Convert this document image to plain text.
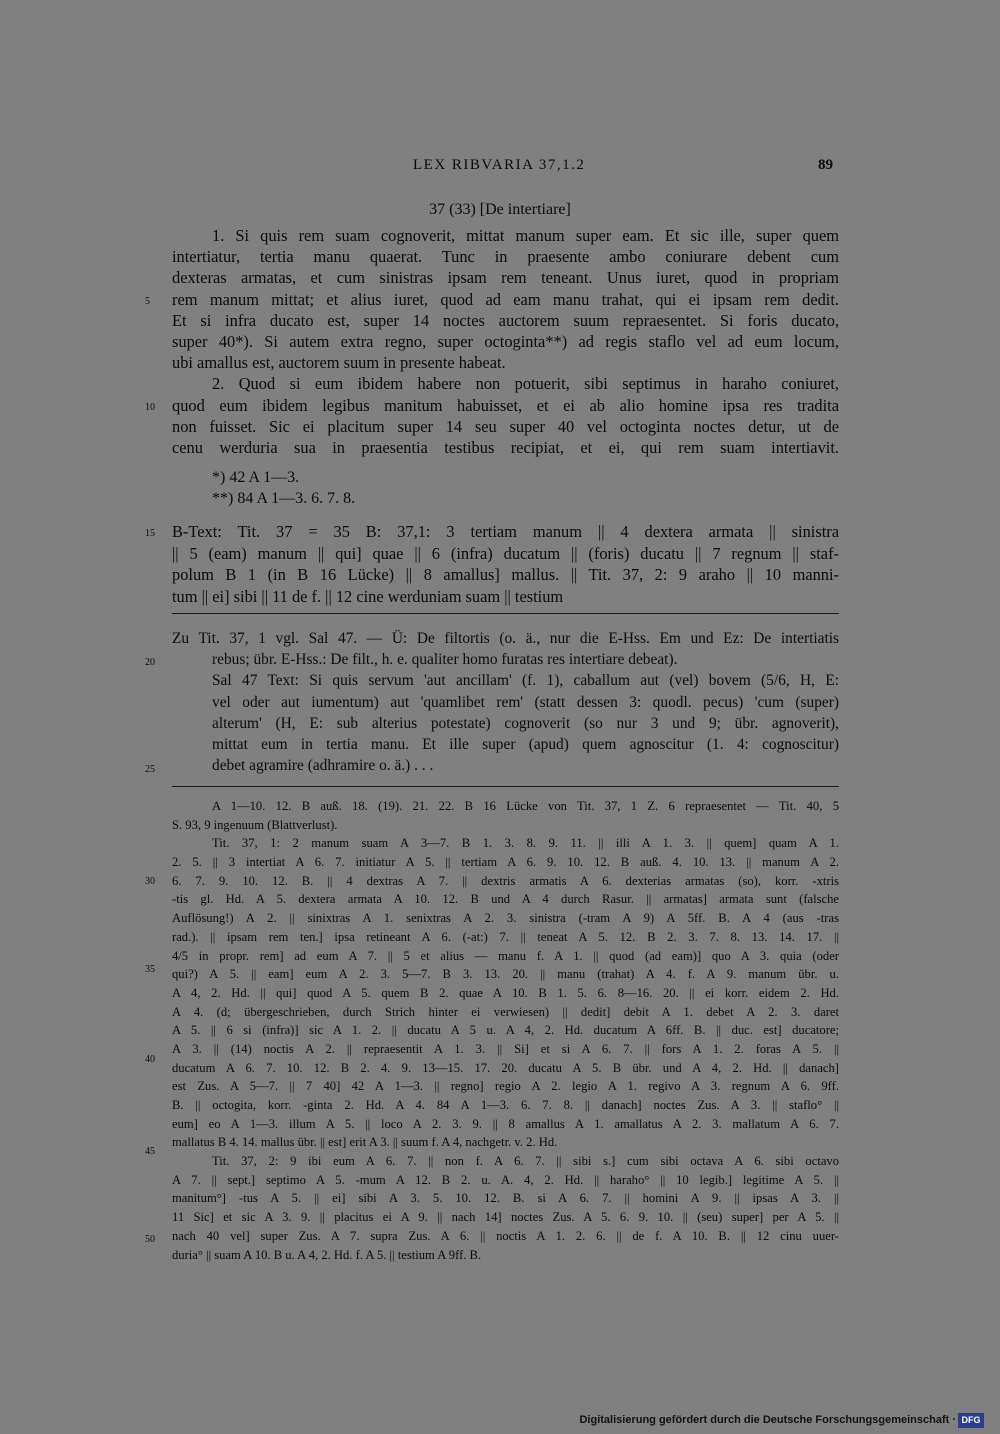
LEX RIBVARIA 37,1.2	89
37 (33) [De intertiare]
1. Si quis rem suam cognoverit, mittat manum super eam. Et sic ille, super quem
intertiatur, tertia manu quaerat. Tunc in praesente ambo coniurare debent cum
dexteras armatas, et cum sinistras ipsam rem teneant. Unus iuret, quod in propriam
rem manum mittat; et alius iuret, quod ad eam manu trahat, qui ei ipsam rem dedit.
Et si infra ducato est, super 14 noctes auctorem suum repraesentet. Si foris ducato,
super 40*). Si autem extra regno, super octoginta**) ad regis staflo vel ad eum locum,
ubi amallus est, auctorem suum in presente habeat.
2. Quod si eum ibidem habere non potuerit, sibi septimus in haraho coniuret,
quod eum ibidem legibus manitum habuisset, et ei ab alio homine ipsa res tradita
non fuisset. Sic ei placitum super 14 seu super 40 vel octoginta noctes detur, ut de
cenu werduria sua in praesentia testibus recipiat, et ei, qui rem suam intertiavit.
*) 42 A 1—3.
**) 84 A 1—3. 6. 7. 8.
B-Text: Tit. 37 = 35 B: 37,1: 3 tertiam manum || 4 dextera armata || sinistra
|| 5 (eam) manum || qui] quae || 6 (infra) ducatum || (foris) ducatu || 7 regnum || staf-
polum B 1 (in B 16 Lücke) || 8 amallus] mallus. || Tit. 37, 2: 9 araho || 10 manni-
tum || ei] sibi || 11 de f. || 12 cine werduniam suam || testium
Zu Tit. 37, 1 vgl. Sal 47. — Ü: De filtortis (o. ä., nur die E-Hss. Em und Ez: De intertiatis
rebus; übr. E-Hss.: De filt., h. e. qualiter homo furatas res intertiare debeat).
Sal 47 Text: Si quis servum 'aut ancillam' (f. 1), caballum aut (vel) bovem (5/6, H, E:
vel oder aut iumentum) aut 'quamlibet rem' (statt dessen 3: quodl. pecus) 'cum (super)
alterum' (H, E: sub alterius potestate) cognoverit (so nur 3 und 9; übr. agnoverit),
mittat eum in tertia manu. Et ille super (apud) quem agnoscitur (1. 4: cognoscitur)
debet agramire (adhramire o. ä.) . . .
A 1—10. 12. B auß. 18. (19). 21. 22. B 16 Lücke von Tit. 37, 1 Z. 6 repraesentet — Tit. 40, 5
S. 93, 9 ingenuum (Blattverlust).
Tit. 37, 1: 2 manum suam A 3—7. B 1. 3. 8. 9. 11. || illi A 1. 3. || quem] quam A 1.
2. 5. || 3 intertiat A 6. 7. initiatur A 5. || tertiam A 6. 9. 10. 12. B auß. 4. 10. 13. || manum A 2.
6. 7. 9. 10. 12. B. || 4 dextras A 7. || dextris armatis A 6. dexterias armatas (so), korr. -xtris
-tis gl. Hd. A 5. dextera armata A 10. 12. B und A 4 durch Rasur. || armatas] armata sunt (falsche
Auflösung!) A 2. || sinixtras A 1. senixtras A 2. 3. sinistra (-tram A 9) A 5ff. B. A 4 (aus -tras
rad.). || ipsam rem ten.] ipsa retineant A 6. (-at:) 7. || teneat A 5. 12. B 2. 3. 7. 8. 13. 14. 17. ||
4/5 in propr. rem] ad eum A 7. || 5 et alius — manu f. A 1. || quod (ad eam)] quo A 3. quia (oder
qui?) A 5. || eam] eum A 2. 3. 5—7. B 3. 13. 20. || manu (trahat) A 4. f. A 9. manum übr. u.
A 4, 2. Hd. || qui] quod A 5. quem B 2. quae A 10. B 1. 5. 6. 8—16. 20. || ei korr. eidem 2. Hd.
A 4. (d; übergeschrieben, durch Strich hinter ei verwiesen) || dedit] debit A 1. debet A 2. 3. daret
A 5. || 6 si (infra)] sic A 1. 2. || ducatu A 5 u. A 4, 2. Hd. ducatum A 6ff. B. || duc. est] ducatore;
A 3. || (14) noctis A 2. || repraesentit A 1. 3. || Si] et si A 6. 7. || fors A 1. 2. foras A 5. ||
ducatum A 6. 7. 10. 12. B 2. 4. 9. 13—15. 17. 20. ducatu A 5. B übr. und A 4, 2. Hd. || danach]
est Zus. A 5—7. || 7 40] 42 A 1—3. || regno] regio A 2. legio A 1. regivo A 3. regnum A 6. 9ff.
B. || octogita, korr. -ginta 2. Hd. A 4. 84 A 1—3. 6. 7. 8. || danach] noctes Zus. A 3. || staflo° ||
eum] eo A 1—3. illum A 5. || loco A 2. 3. 9. || 8 amallus A 1. amallatus A 2. 3. mallatum A 6. 7.
mallatus B 4. 14. mallus übr. || est] erit A 3. || suum f. A 4, nachgetr. v. 2. Hd.
Tit. 37, 2: 9 ibi eum A 6. 7. || non f. A 6. 7. || sibi s.] cum sibi octava A 6. sibi octavo
A 7. || sept.] septimo A 5. -mum A 12. B 2. u. A. 4, 2. Hd. || haraho° || 10 legib.] legitime A 5. ||
manitum°] -tus A 5. || ei] sibi A 3. 5. 10. 12. B. si A 6. 7. || homini A 9. || ipsas A 3. ||
11 Sic] et sic A 3. 9. || placitus ei A 9. || nach 14] noctes Zus. A 5. 6. 9. 10. || (seu) super] per A 5. ||
nach 40 vel] super Zus. A 7. supra Zus. A 6. || noctis A 1. 2. 6. || de f. A 10. B. || 12 cinu uuer-
duria° || suam A 10. B u. A 4, 2. Hd. f. A 5. || testium A 9ff. B.
5
10
15
20
25
30
35
40
45
50
Digitalisierung gefördert durch die Deutsche Forschungsgemeinschaft · DFG
